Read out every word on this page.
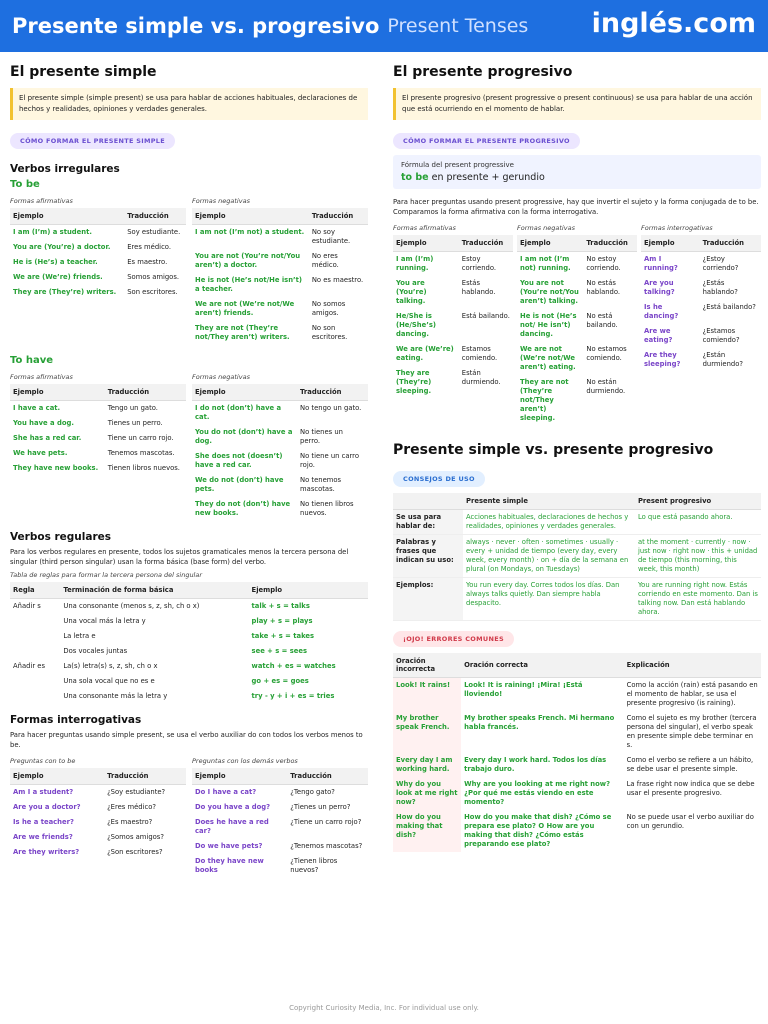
Presente simple vs. progresivo Present Tenses inglés.com
El presente simple
El presente simple (simple present) se usa para hablar de acciones habituales, declaraciones de hechos y realidades, opiniones y verdades generales.
CÓMO FORMAR EL PRESENTE SIMPLE
Verbos irregulares
To be
Formas afirmativas
Ejemplo	Traducción
I am (I’m) a student.	Soy estudiante.
You are (You’re) a doctor.	Eres médico.
He is (He’s) a teacher.	Es maestro.
We are (We’re) friends.	Somos amigos.
They are (They’re) writers.	Son escritores.
Formas negativas
Ejemplo	Traducción
I am not (I’m not) a student.	No soy estudiante.
You are not (You’re not/You aren’t) a doctor.	No eres médico.
He is not (He’s not/He isn’t) a teacher.	No es maestro.
We are not (We’re not/We aren’t) friends.	No somos amigos.
They are not (They’re not/They aren’t) writers.	No son escritores.
To have
Formas afirmativas
Ejemplo	Traducción
I have a cat.	Tengo un gato.
You have a dog.	Tienes un perro.
She has a red car.	Tiene un carro rojo.
We have pets.	Tenemos mascotas.
They have new books.	Tienen libros nuevos.
Formas negativas
Ejemplo	Traducción
I do not (don’t) have a cat.	No tengo un gato.
You do not (don’t) have a dog.	No tienes un perro.
She does not (doesn’t) have a red car.	No tiene un carro rojo.
We do not (don’t) have pets.	No tenemos mascotas.
They do not (don’t) have new books.	No tienen libros nuevos.
Verbos regulares
Para los verbos regulares en presente, todos los sujetos gramaticales menos la tercera persona del singular (third person singular) usan la forma básica (base form) del verbo.
Tabla de reglas para formar la tercera persona del singular
Regla	Terminación de forma básica	Ejemplo
Añadir s	Una consonante (menos s, z, sh, ch o x)	talk + s = talks
	Una vocal más la letra y	play + s = plays
	La letra e	take + s = takes
	Dos vocales juntas	see + s = sees
Añadir es	La(s) letra(s) s, z, sh, ch o x	watch + es = watches
	Una sola vocal que no es e	go + es = goes
	Una consonante más la letra y	try - y + i + es = tries
Formas interrogativas
Para hacer preguntas usando simple present, se usa el verbo auxiliar do con todos los verbos menos to be.
Preguntas con to be
Ejemplo	Traducción
Am I a student?	¿Soy estudiante?
Are you a doctor?	¿Eres médico?
Is he a teacher?	¿Es maestro?
Are we friends?	¿Somos amigos?
Are they writers?	¿Son escritores?
Preguntas con los demás verbos
Ejemplo	Traducción
Do I have a cat?	¿Tengo gato?
Do you have a dog?	¿Tienes un perro?
Does he have a red car?	¿Tiene un carro rojo?
Do we have pets?	¿Tenemos mascotas?
Do they have new books	¿Tienen libros nuevos?
El presente progresivo
El presente progresivo (present progressive o present continuous) se usa para hablar de una acción que está ocurriendo en el momento de hablar.
CÓMO FORMAR EL PRESENTE PROGRESIVO
Fórmula del present progressive
to be en presente + gerundio
Para hacer preguntas usando present progressive, hay que invertir el sujeto y la forma conjugada de to be. Comparamos la forma afirmativa con la forma interrogativa.
Formas afirmativas
Ejemplo	Traducción
I am (I’m) running.	Estoy corriendo.
You are (You’re) talking.	Estás hablando.
He/She is (He/She’s) dancing.	Está bailando.
We are (We’re) eating.	Estamos comiendo.
They are (They’re) sleeping.	Están durmiendo.
Formas negativas
Ejemplo	Traducción
I am not (I’m not) running.	No estoy corriendo.
You are not (You’re not/You aren’t) talking.	No estás hablando.
He is not (He’s not/ He isn’t) dancing.	No está bailando.
We are not (We’re not/We aren’t) eating.	No estamos comiendo.
They are not (They’re not/They aren’t) sleeping.	No están durmiendo.
Formas interrogativas
Ejemplo	Traducción
Am I running?	¿Estoy corriendo?
Are you talking?	¿Estás hablando?
Is he dancing?	¿Está bailando?
Are we eating?	¿Estamos comiendo?
Are they sleeping?	¿Están durmiendo?
Presente simple vs. presente progresivo
CONSEJOS DE USO
	Presente simple	Present progresivo
Se usa para hablar de:	Acciones habituales, declaraciones de hechos y realidades, opiniones y verdades generales.	Lo que está pasando ahora.
Palabras y frases que indican su uso:	always · never · often · sometimes · usually · every + unidad de tiempo (every day, every week, every month) · on + día de la semana en plural (on Mondays, on Tuesdays)	at the moment · currently · now · just now · right now · this + unidad de tiempo (this morning, this week, this month)
Ejemplos:	You run every day. Corres todos los días. Dan always talks quietly. Dan siempre habla despacito.	You are running right now. Estás corriendo en este momento. Dan is talking now. Dan está hablando ahora.
¡OJO! ERRORES COMUNES
Oración incorrecta	Oración correcta	Explicación
Look! It rains!	Look! It is raining! ¡Mira! ¡Está lloviendo!	Como la acción (rain) está pasando en el momento de hablar, se usa el presente progresivo (is raining).
My brother speak French.	My brother speaks French. Mi hermano habla francés.	Como el sujeto es my brother (tercera persona del singular), el verbo speak en presente simple debe terminar en s.
Every day I am working hard.	Every day I work hard. Todos los días trabajo duro.	Como el verbo se refiere a un hábito, se debe usar el presente simple.
Why do you look at me right now?	Why are you looking at me right now? ¿Por qué me estás viendo en este momento?	La frase right now indica que se debe usar el presente progresivo.
How do you making that dish?	How do you make that dish? ¿Cómo se prepara ese plato? O How are you making that dish? ¿Cómo estás preparando ese plato?	No se puede usar el verbo auxiliar do con un gerundio.
Copyright Curiosity Media, Inc. For individual use only.
